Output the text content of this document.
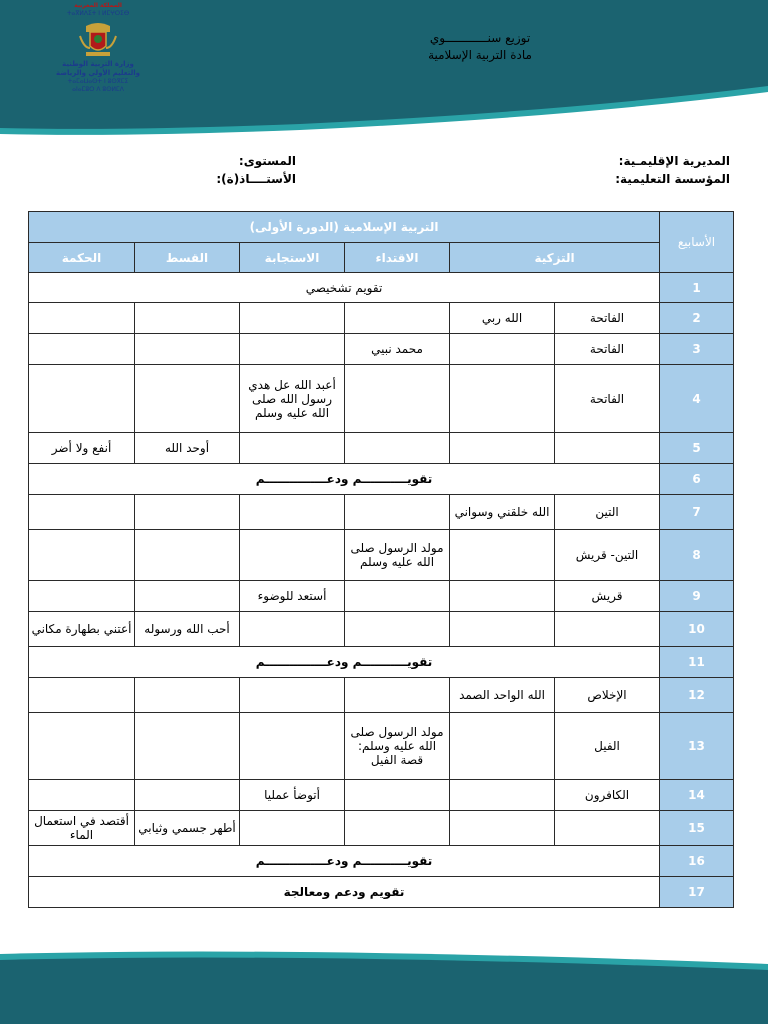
المملكة المغربية
ⵜⴰⴳⵍⴷⵉⵜ ⵏ ⵍⵎⵖⵔⵉⴱ
وزارة التربية الوطنية
والتعليم الأولي والرياضة
ⵜⴰⵎⴰⵡⴰⵙⵜ ⵏ ⵓⵙⴳⵎⵉ
ⴰⵏⴰⵎⵓⵔ ⴷ ⵓⵙⵍⵎⴷ
توزيع سنــــــــــــوي
مادة التربية الإسلامية
المديرية الإقليمـية:
المؤسسة التعليمية:
المستوى:
الأستــــاذ(ة):
الأسابيع	التربية الإسلامية (الدورة الأولى)					
	التزكية		الاقتداء	الاستجابة	القسط	الحكمة
1	تقويم تشخيصي					
2	الفاتحة	الله ربي				
3	الفاتحة		محمد نبيي			
4	الفاتحة			أعبد الله عل هدي رسول الله صلى الله عليه وسلم		
5					أوحد الله	أنفع ولا أضر
6	تقويـــــــــــم ودعـــــــــــــــم					
7	التين	الله خلقني وسواني				
8	التين- قريش		مولد الرسول صلى الله عليه وسلم			
9	قريش			أستعد للوضوء		
10					أحب الله ورسوله	أعتني بطهارة مكاني
11	تقويـــــــــــم ودعـــــــــــــــم					
12	الإخلاص	الله الواحد الصمد				
13	الفيل		مولد الرسول صلى الله عليه وسلم: قصة الفيل			
14	الكافرون			أتوضأ عمليا		
15					أطهر جسمي وثيابي	أقتصد في استعمال الماء
16	تقويـــــــــــم ودعـــــــــــــــم					
17	تقويم ودعم ومعالجة					
